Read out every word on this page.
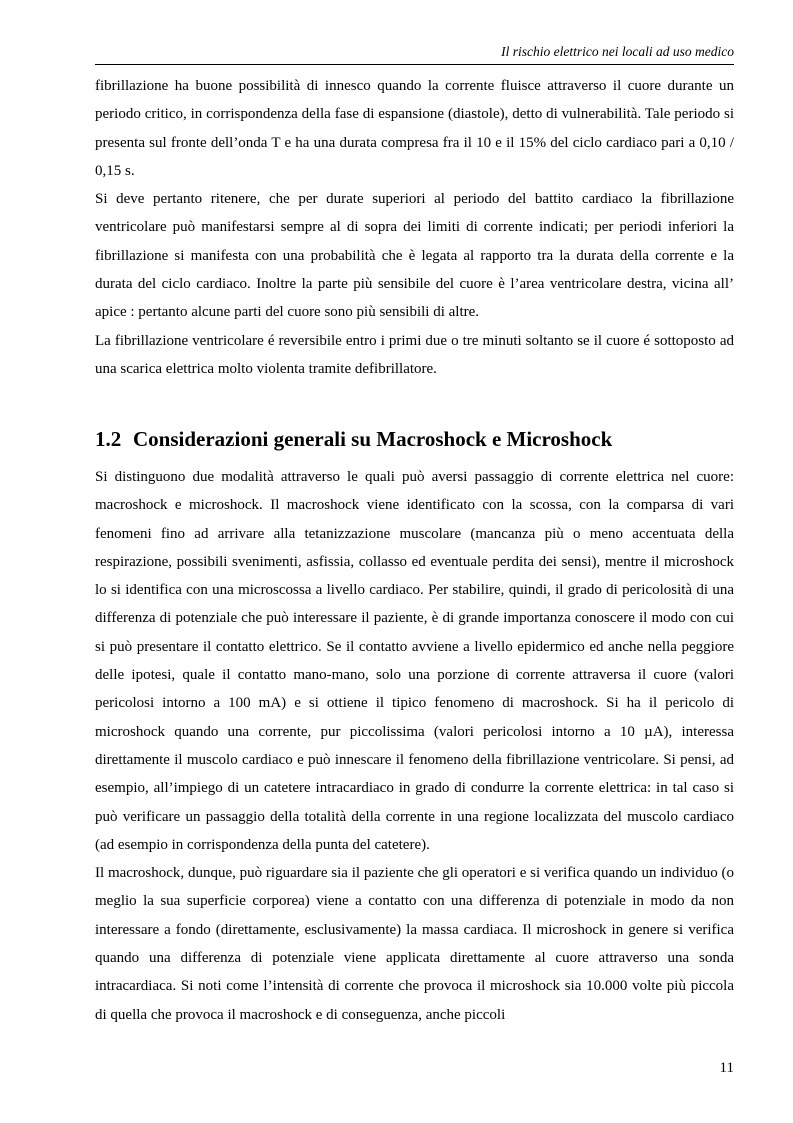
Il rischio elettrico nei locali ad uso medico

fibrillazione ha buone possibilità di innesco quando la corrente fluisce attraverso il cuore durante un periodo critico, in corrispondenza della fase di espansione (diastole), detto di vulnerabilità. Tale periodo si presenta sul fronte dell’onda T e ha una durata compresa fra il 10 e il 15% del ciclo cardiaco pari a 0,10 / 0,15 s.

Si deve pertanto ritenere, che per durate superiori al periodo del battito cardiaco la fibrillazione ventricolare può manifestarsi sempre al di sopra dei limiti di corrente indicati; per periodi inferiori la fibrillazione si manifesta con una probabilità che è legata al rapporto tra la durata della corrente e la durata del ciclo cardiaco. Inoltre la parte più sensibile del cuore è l’area ventricolare destra, vicina all’ apice : pertanto alcune parti del cuore sono più sensibili di altre.

La fibrillazione ventricolare é reversibile entro i primi due o tre minuti soltanto se il cuore é sottoposto ad una scarica elettrica molto violenta tramite defibrillatore.

1.2 Considerazioni generali su Macroshock e Microshock

Si distinguono due modalità attraverso le quali può aversi passaggio di corrente elettrica nel cuore: macroshock e microshock. Il macroshock viene identificato con la scossa, con la comparsa di vari fenomeni fino ad arrivare alla tetanizzazione muscolare (mancanza più o meno accentuata della respirazione, possibili svenimenti, asfissia, collasso ed eventuale perdita dei sensi), mentre il microshock lo si identifica con una microscossa a livello cardiaco. Per stabilire, quindi, il grado di pericolosità di una differenza di potenziale che può interessare il paziente, è di grande importanza conoscere il modo con cui si può presentare il contatto elettrico. Se il contatto avviene a livello epidermico ed anche nella peggiore delle ipotesi, quale il contatto mano-mano, solo una porzione di corrente attraversa il cuore (valori pericolosi intorno a 100 mA) e si ottiene il tipico fenomeno di macroshock. Si ha il pericolo di microshock quando una corrente, pur piccolissima (valori pericolosi intorno a 10 µA), interessa direttamente il muscolo cardiaco e può innescare il fenomeno della fibrillazione ventricolare. Si pensi, ad esempio, all’impiego di un catetere intracardiaco in grado di condurre la corrente elettrica: in tal caso si può verificare un passaggio della totalità della corrente in una regione localizzata del muscolo cardiaco (ad esempio in corrispondenza della punta del catetere).

Il macroshock, dunque, può riguardare sia il paziente che gli operatori e si verifica quando un individuo (o meglio la sua superficie corporea) viene a contatto con una differenza di potenziale in modo da non interessare a fondo (direttamente, esclusivamente) la massa cardiaca. Il microshock in genere si verifica quando una differenza di potenziale viene applicata direttamente al cuore attraverso una sonda intracardiaca. Si noti come l’intensità di corrente che provoca il microshock sia 10.000 volte più piccola di quella che provoca il macroshock e di conseguenza, anche piccoli

11
